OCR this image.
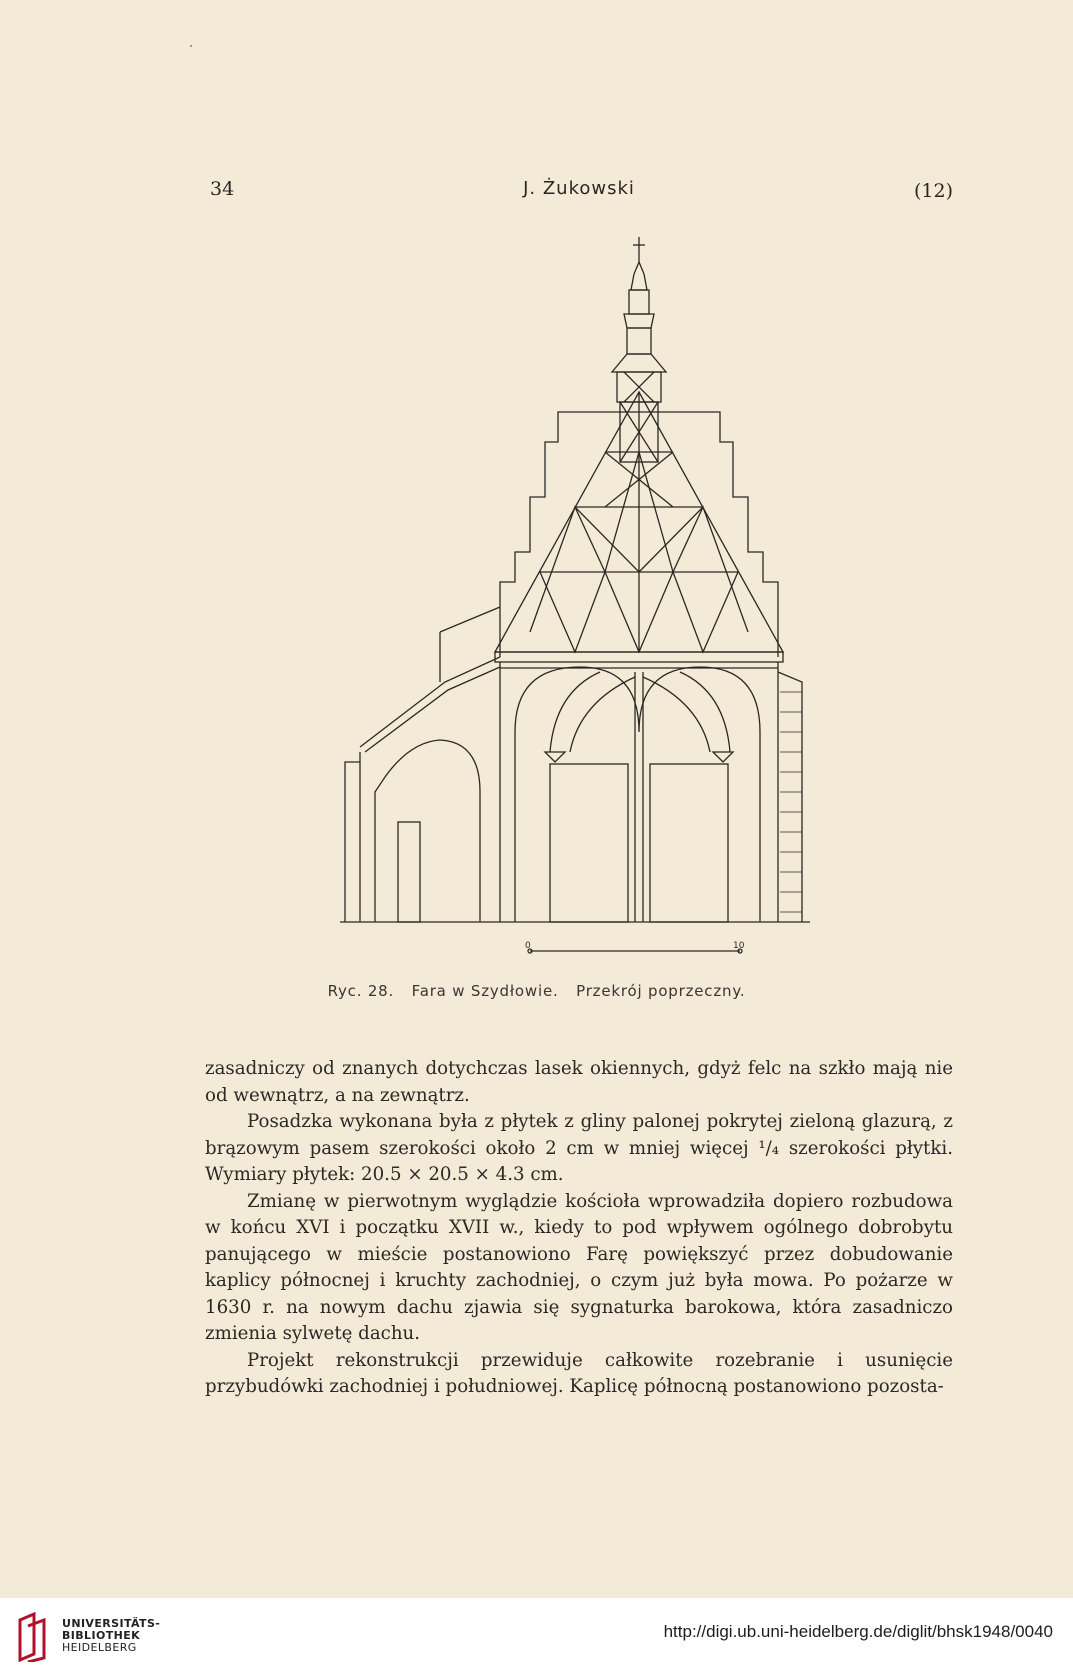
34	J. Żukowski	(12)
0	10
Ryc. 28. Fara w Szydłowie. Przekrój poprzeczny.

zasadniczy od znanych dotychczas lasek okiennych, gdyż felc na szkło mają nie od wewnątrz, a na zewnątrz.

Posadzka wykonana była z płytek z gliny palonej pokrytej zieloną glazurą, z brązowym pasem szerokości około 2 cm w mniej więcej ¹/₄ szerokości płytki. Wymiary płytek: 20.5 × 20.5 × 4.3 cm.

Zmianę w pierwotnym wyglądzie kościoła wprowadziła dopiero rozbudowa w końcu XVI i początku XVII w., kiedy to pod wpływem ogólnego dobrobytu panującego w mieście postanowiono Farę powiększyć przez dobudowanie kaplicy północnej i kruchty zachodniej, o czym już była mowa. Po pożarze w 1630 r. na nowym dachu zjawia się sygnaturka barokowa, która zasadniczo zmienia sylwetę dachu.

Projekt rekonstrukcji przewiduje całkowite rozebranie i usunięcie przybudówki zachodniej i południowej. Kaplicę północną postanowiono pozosta-

UNIVERSITÄTS-
BIBLIOTHEK
HEIDELBERG
http://digi.ub.uni-heidelberg.de/diglit/bhsk1948/0040
